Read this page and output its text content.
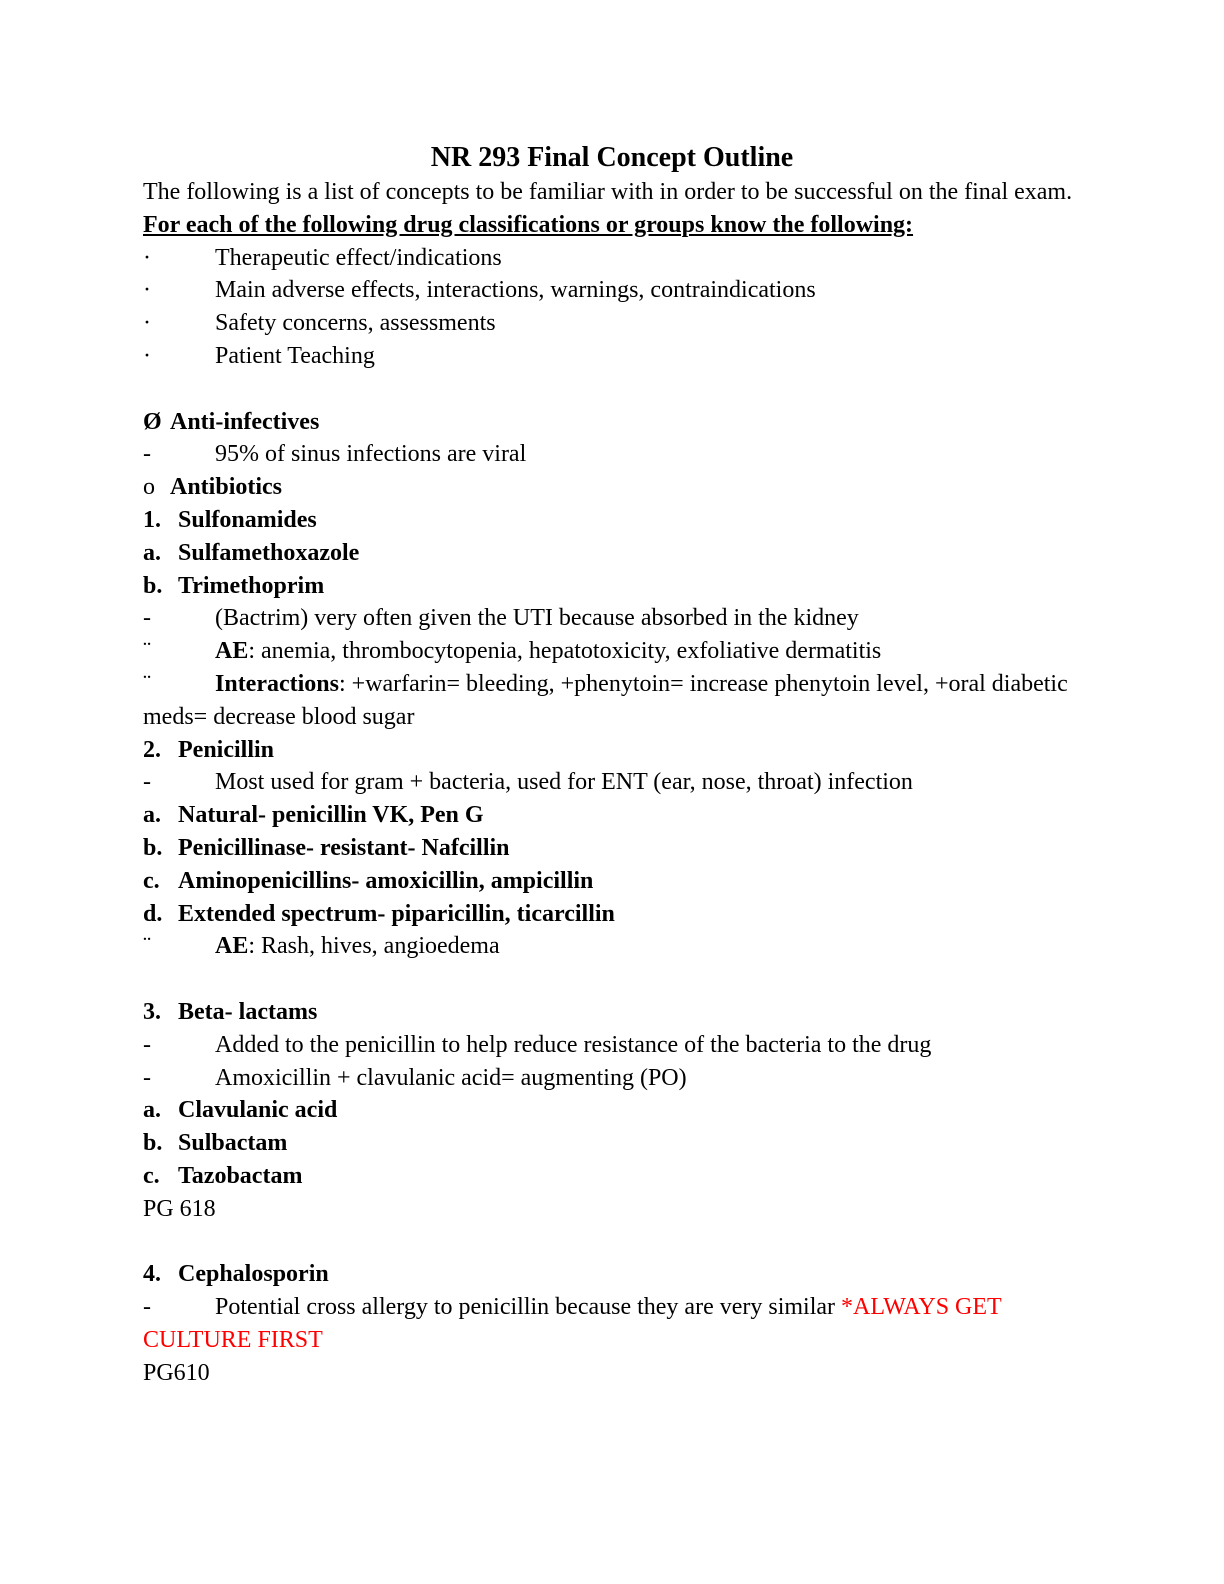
NR 293 Final Concept Outline
The following is a list of concepts to be familiar with in order to be successful on the final exam.
For each of the following drug classifications or groups know the following:
·	Therapeutic effect/indications
·	Main adverse effects, interactions, warnings, contraindications
·	Safety concerns, assessments
·	Patient Teaching
Ø Anti-infectives
-	95% of sinus infections are viral
o Antibiotics
1. Sulfonamides
a. Sulfamethoxazole
b. Trimethoprim
-	(Bactrim) very often given the UTI because absorbed in the kidney
¨	AE: anemia, thrombocytopenia, hepatotoxicity, exfoliative dermatitis
¨	Interactions: +warfarin= bleeding, +phenytoin= increase phenytoin level, +oral diabetic
meds= decrease blood sugar
2. Penicillin
-	Most used for gram + bacteria, used for ENT (ear, nose, throat) infection
a. Natural- penicillin VK, Pen G
b. Penicillinase- resistant- Nafcillin
c. Aminopenicillins- amoxicillin, ampicillin
d. Extended spectrum- piparicillin, ticarcillin
¨	AE: Rash, hives, angioedema
3. Beta- lactams
-	Added to the penicillin to help reduce resistance of the bacteria to the drug
-	Amoxicillin + clavulanic acid= augmenting (PO)
a. Clavulanic acid
b. Sulbactam
c. Tazobactam
PG 618
4. Cephalosporin
-	Potential cross allergy to penicillin because they are very similar *ALWAYS GET
CULTURE FIRST
PG610
